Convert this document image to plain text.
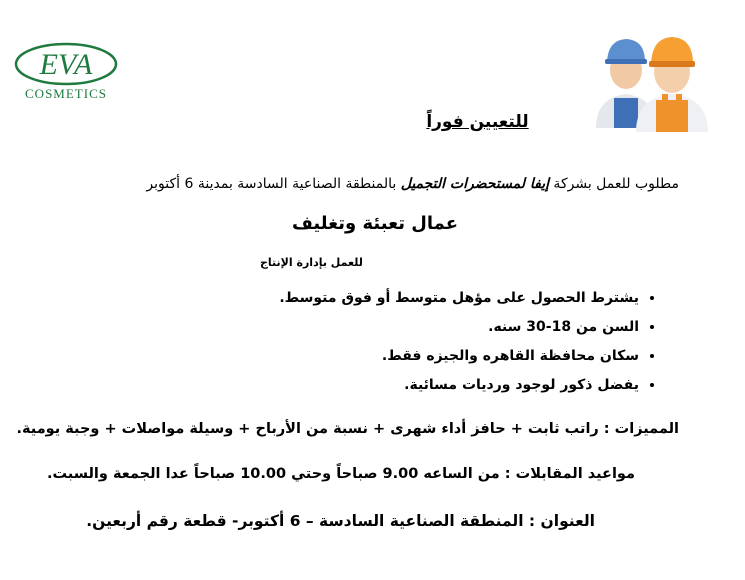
EVA
COSMETICS
للتعيين فوراً
مطلوب للعمل بشركة إيفا لمستحضرات التجميل بالمنطقة الصناعية السادسة بمدينة 6 أكتوبر
عمال تعبئة وتغليف
للعمل بإدارة الإنتاج
• يشترط الحصول على مؤهل متوسط أو فوق متوسط.
• السن من 18-30 سنه.
• سكان محافظة القاهره والجيزه فقط.
• يفضل ذكور لوجود ورديات مسائية.
المميزات : راتب ثابت + حافز أداء شهرى + نسبة من الأرباح + وسيلة مواصلات + وجبة يومية.
مواعيد المقابلات : من الساعه 9.00 صباحاً وحتي 10.00 صباحاً عدا الجمعة والسبت.
العنوان : المنطقة الصناعية السادسة – 6 أكتوبر- قطعة رقم أربعين.
